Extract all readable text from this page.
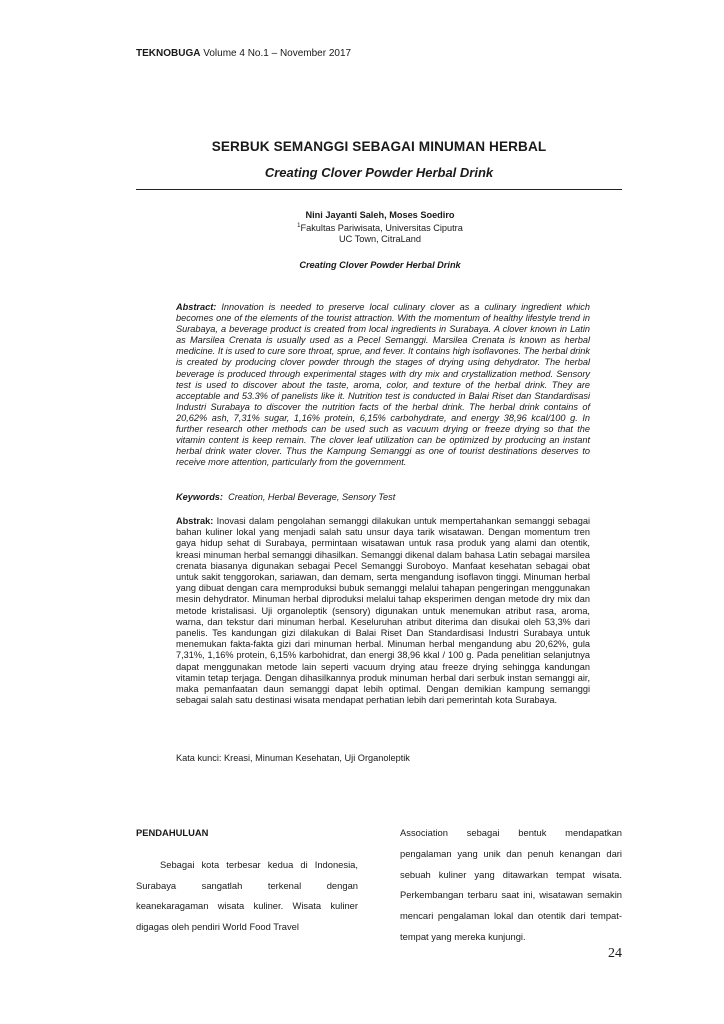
TEKNOBUGA Volume 4 No.1 – November 2017
SERBUK SEMANGGI SEBAGAI MINUMAN HERBAL
Creating Clover Powder Herbal Drink
Nini Jayanti Saleh, Moses Soediro
$^1$Fakultas Pariwisata, Universitas Ciputra
UC Town, CitraLand
Creating Clover Powder Herbal Drink
Abstract: Innovation is needed to preserve local culinary clover as a culinary ingredient which becomes one of the elements of the tourist attraction. With the momentum of healthy lifestyle trend in Surabaya, a beverage product is created from local ingredients in Surabaya. A clover known in Latin as Marsilea Crenata is usually used as a Pecel Semanggi. Marsilea Crenata is known as herbal medicine. It is used to cure sore throat, sprue, and fever. It contains high isoflavones. The herbal drink is created by producing clover powder through the stages of drying using dehydrator. The herbal beverage is produced through experimental stages with dry mix and crystallization method. Sensory test is used to discover about the taste, aroma, color, and texture of the herbal drink. They are acceptable and 53.3% of panelists like it. Nutrition test is conducted in Balai Riset dan Standardisasi Industri Surabaya to discover the nutrition facts of the herbal drink. The herbal drink contains of 20,62% ash, 7,31% sugar, 1,16% protein, 6,15% carbohydrate, and energy 38,96 kcal/100 g. In further research other methods can be used such as vacuum drying or freeze drying so that the vitamin content is keep remain. The clover leaf utilization can be optimized by producing an instant herbal drink water clover. Thus the Kampung Semanggi as one of tourist destinations deserves to receive more attention, particularly from the government.
Keywords: Creation, Herbal Beverage, Sensory Test
Abstrak: Inovasi dalam pengolahan semanggi dilakukan untuk mempertahankan semanggi sebagai bahan kuliner lokal yang menjadi salah satu unsur daya tarik wisatawan. Dengan momentum tren gaya hidup sehat di Surabaya, permintaan wisatawan untuk rasa produk yang alami dan otentik, kreasi minuman herbal semanggi dihasilkan. Semanggi dikenal dalam bahasa Latin sebagai marsilea crenata biasanya digunakan sebagai Pecel Semanggi Suroboyo. Manfaat kesehatan sebagai obat untuk sakit tenggorokan, sariawan, dan demam, serta mengandung isoflavon tinggi. Minuman herbal yang dibuat dengan cara memproduksi bubuk semanggi melalui tahapan pengeringan menggunakan mesin dehydrator. Minuman herbal diproduksi melalui tahap eksperimen dengan metode dry mix dan metode kristalisasi. Uji organoleptik (sensory) digunakan untuk menemukan atribut rasa, aroma, warna, dan tekstur dari minuman herbal. Keseluruhan atribut diterima dan disukai oleh 53,3% dari panelis. Tes kandungan gizi dilakukan di Balai Riset Dan Standardisasi Industri Surabaya untuk menemukan fakta-fakta gizi dari minuman herbal. Minuman herbal mengandung abu 20,62%, gula 7,31%, 1,16% protein, 6,15% karbohidrat, dan energi 38,96 kkal / 100 g. Pada penelitian selanjutnya dapat menggunakan metode lain seperti vacuum drying atau freeze drying sehingga kandungan vitamin tetap terjaga. Dengan dihasilkannya produk minuman herbal dari serbuk instan semanggi air, maka pemanfaatan daun semanggi dapat lebih optimal. Dengan demikian kampung semanggi sebagai salah satu destinasi wisata mendapat perhatian lebih dari pemerintah kota Surabaya.
Kata kunci: Kreasi, Minuman Kesehatan, Uji Organoleptik
PENDAHULUAN
Sebagai kota terbesar kedua di Indonesia, Surabaya sangatlah terkenal dengan keanekaragaman wisata kuliner. Wisata kuliner digagas oleh pendiri World Food Travel
Association sebagai bentuk mendapatkan pengalaman yang unik dan penuh kenangan dari sebuah kuliner yang ditawarkan tempat wisata. Perkembangan terbaru saat ini, wisatawan semakin mencari pengalaman lokal dan otentik dari tempat-tempat yang mereka kunjungi.
24
